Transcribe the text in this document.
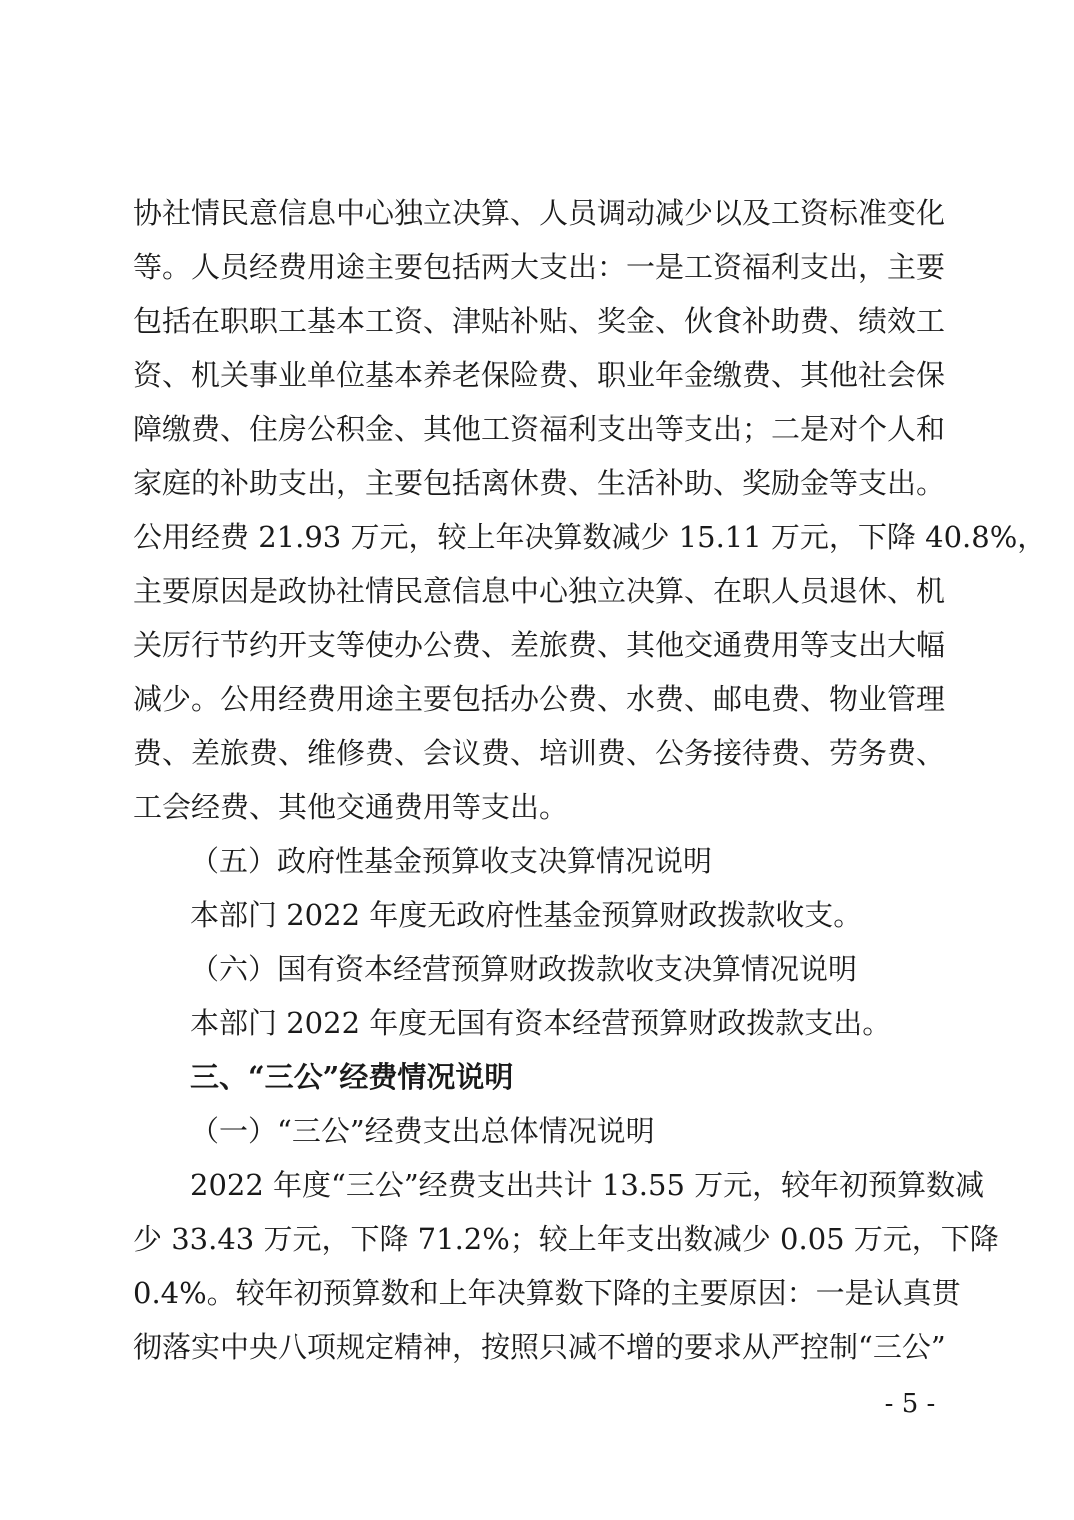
协社情民意信息中心独立决算、人员调动减少以及工资标准变化
等。人员经费用途主要包括两大支出：一是工资福利支出，主要
包括在职职工基本工资、津贴补贴、奖金、伙食补助费、绩效工
资、机关事业单位基本养老保险费、职业年金缴费、其他社会保
障缴费、住房公积金、其他工资福利支出等支出；二是对个人和
家庭的补助支出，主要包括离休费、生活补助、奖励金等支出。
公用经费 21.93 万元，较上年决算数减少 15.11 万元，下降 40.8%，
主要原因是政协社情民意信息中心独立决算、在职人员退休、机
关厉行节约开支等使办公费、差旅费、其他交通费用等支出大幅
减少。公用经费用途主要包括办公费、水费、邮电费、物业管理
费、差旅费、维修费、会议费、培训费、公务接待费、劳务费、
工会经费、其他交通费用等支出。
（五）政府性基金预算收支决算情况说明
本部门 2022 年度无政府性基金预算财政拨款收支。
（六）国有资本经营预算财政拨款收支决算情况说明
本部门 2022 年度无国有资本经营预算财政拨款支出。
三、“三公”经费情况说明
（一）“三公”经费支出总体情况说明
2022 年度“三公”经费支出共计 13.55 万元，较年初预算数减
少 33.43 万元，下降 71.2%；较上年支出数减少 0.05 万元，下降
0.4%。较年初预算数和上年决算数下降的主要原因：一是认真贯
彻落实中央八项规定精神，按照只减不增的要求从严控制“三公”
- 5 -
